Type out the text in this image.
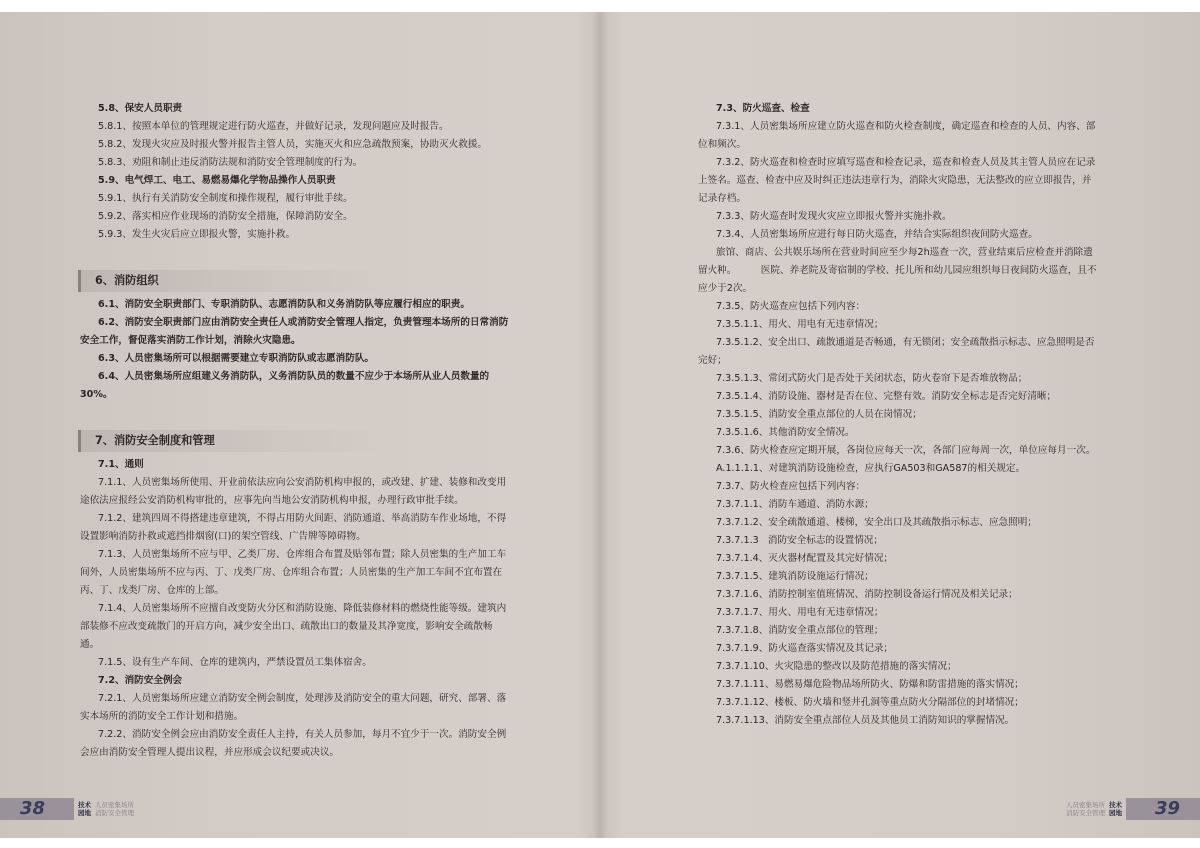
5.8、保安人员职责

5.8.1、按照本单位的管理规定进行防火巡查，并做好记录，发现问题应及时报告。

5.8.2、发现火灾应及时报火警并报告主管人员，实施灭火和应急疏散预案，协助灭火救援。

5.8.3、劝阻和制止违反消防法规和消防安全管理制度的行为。

5.9、电气焊工、电工、易燃易爆化学物品操作人员职责

5.9.1、执行有关消防安全制度和操作规程，履行审批手续。

5.9.2、落实相应作业现场的消防安全措施，保障消防安全。

5.9.3、发生火灾后应立即报火警，实施扑救。

6、消防组织

6.1、消防安全职责部门、专职消防队、志愿消防队和义务消防队等应履行相应的职责。

6.2、消防安全职责部门应由消防安全责任人或消防安全管理人指定，负责管理本场所的日常消防

安全工作，督促落实消防工作计划，消除火灾隐患。

6.3、人员密集场所可以根据需要建立专职消防队或志愿消防队。

6.4、人员密集场所应组建义务消防队，义务消防队员的数量不应少于本场所从业人员数量的

30%。

7、消防安全制度和管理

7.1、通则

7.1.1、人员密集场所使用、开业前依法应向公安消防机构申报的，或改建、扩建、装修和改变用

途依法应报经公安消防机构审批的，应事先向当地公安消防机构申报，办理行政审批手续。

7.1.2、建筑四周不得搭建违章建筑，不得占用防火间距、消防通道、举高消防车作业场地，不得

设置影响消防扑救或遮挡排烟窗(口)的架空管线、广告牌等障碍物。

7.1.3、人员密集场所不应与甲、乙类厂房、仓库组合布置及贴邻布置；除人员密集的生产加工车

间外，人员密集场所不应与丙、丁、戊类厂房、仓库组合布置；人员密集的生产加工车间不宜布置在

丙、丁、戊类厂房、仓库的上部。

7.1.4、人员密集场所不应擅自改变防火分区和消防设施、降低装修材料的燃烧性能等级。建筑内

部装修不应改变疏散门的开启方向，减少安全出口、疏散出口的数量及其净宽度，影响安全疏散畅

通。

7.1.5、设有生产车间、仓库的建筑内，严禁设置员工集体宿舍。

7.2、消防安全例会

7.2.1、人员密集场所应建立消防安全例会制度，处理涉及消防安全的重大问题，研究、部署、落

实本场所的消防安全工作计划和措施。

7.2.2、消防安全例会应由消防安全责任人主持，有关人员参加，每月不宜少于一次。消防安全例

会应由消防安全管理人提出议程，并应形成会议纪要或决议。

7.3、防火巡查、检查

7.3.1、人员密集场所应建立防火巡查和防火检查制度，确定巡查和检查的人员、内容、部

位和频次。

7.3.2、防火巡查和检查时应填写巡查和检查记录，巡查和检查人员及其主管人员应在记录

上签名。巡查、检查中应及时纠正违法违章行为，消除火灾隐患，无法整改的应立即报告，并

记录存档。

7.3.3、防火巡查时发现火灾应立即报火警并实施扑救。

7.3.4、人员密集场所应进行每日防火巡查，并结合实际组织夜间防火巡查。

旅馆、商店、公共娱乐场所在营业时间应至少每2h巡查一次，营业结束后应检查并消除遗

留火种。        医院、养老院及寄宿制的学校、托儿所和幼儿园应组织每日夜间防火巡查，且不

应少于2次。

7.3.5、防火巡查应包括下列内容：

7.3.5.1.1、用火、用电有无违章情况；

7.3.5.1.2、安全出口、疏散通道是否畅通，有无锁闭；安全疏散指示标志、应急照明是否

完好；

7.3.5.1.3、常闭式防火门是否处于关闭状态，防火卷帘下是否堆放物品；

7.3.5.1.4、消防设施、器材是否在位、完整有效。消防安全标志是否完好清晰；

7.3.5.1.5、消防安全重点部位的人员在岗情况；

7.3.5.1.6、其他消防安全情况。

7.3.6、防火检查应定期开展，各岗位应每天一次，各部门应每周一次，单位应每月一次。

A.1.1.1.1、对建筑消防设施检查，应执行GA503和GA587的相关规定。

7.3.7、防火检查应包括下列内容：

7.3.7.1.1、消防车通道、消防水源；

7.3.7.1.2、安全疏散通道、楼梯，安全出口及其疏散指示标志、应急照明；

7.3.7.1.3   消防安全标志的设置情况；

7.3.7.1.4、灭火器材配置及其完好情况；

7.3.7.1.5、建筑消防设施运行情况；

7.3.7.1.6、消防控制室值班情况、消防控制设备运行情况及相关记录；

7.3.7.1.7、用火、用电有无违章情况；

7.3.7.1.8、消防安全重点部位的管理；

7.3.7.1.9、防火巡查落实情况及其记录；

7.3.7.1.10、火灾隐患的整改以及防范措施的落实情况；

7.3.7.1.11、易燃易爆危险物品场所防火、防爆和防雷措施的落实情况；

7.3.7.1.12、楼板、防火墙和竖井孔洞等重点防火分隔部位的封堵情况；

7.3.7.1.13、消防安全重点部位人员及其他员工消防知识的掌握情况。

38	技术
园地
人员密集场所
消防安全管理
人员密集场所
消防安全管理
技术
园地 39
